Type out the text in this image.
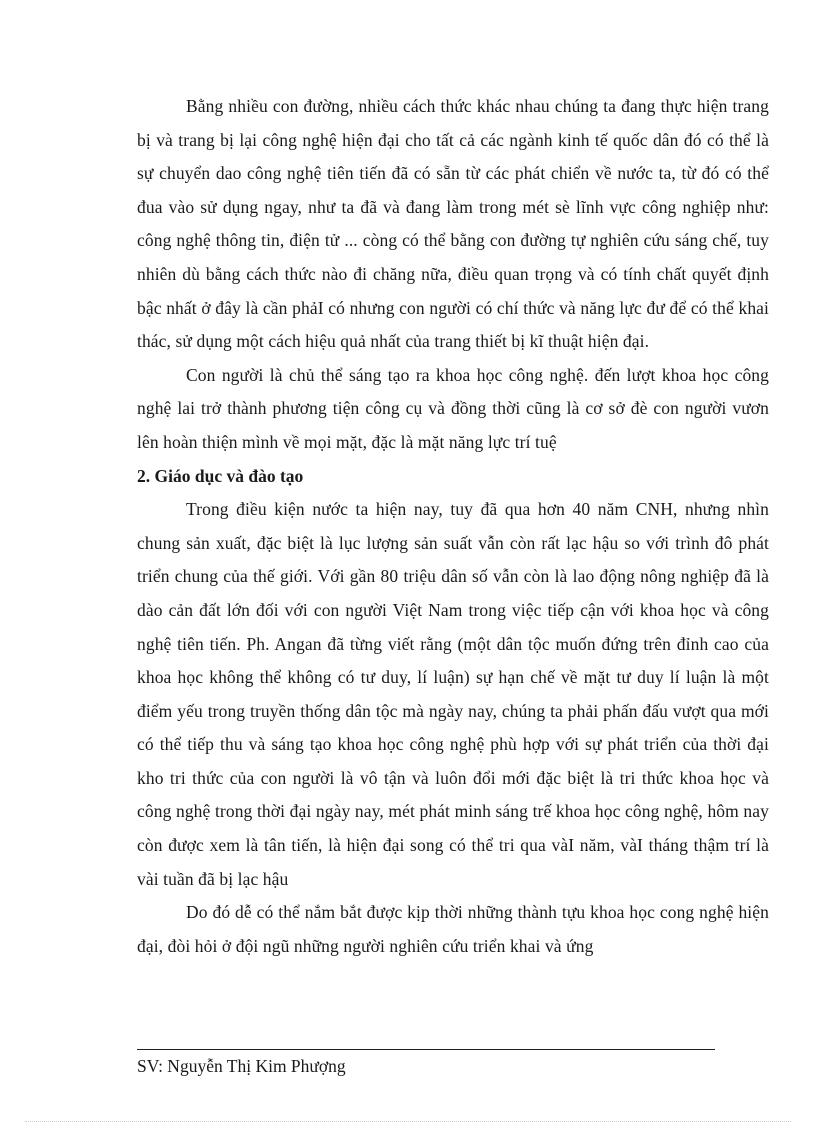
Bằng nhiều con đường, nhiều cách thức khác nhau chúng ta đang thực hiện trang bị và trang bị lại công nghệ hiện đại cho tất cả các ngành kinh tế quốc dân đó có thể là sự chuyển dao công nghệ tiên tiến đã có sẵn từ các phát chiển về nước ta, từ đó có thể đua vào sử dụng ngay, như ta đã và đang làm trong mét sè lĩnh vực công nghiệp như: công nghệ thông tin, điện tử ... còng có thể bằng con đường tự nghiên cứu sáng chế, tuy nhiên dù bằng cách thức nào đi chăng nữa, điều quan trọng và có tính chất quyết định bậc nhất ở đây là cần phảI có nhưng con người có chí thức và năng lực đư để có thể khai thác, sử dụng một cách hiệu quả nhất của trang thiết bị kĩ thuật hiện đại.

Con người là chủ thể sáng tạo ra khoa học công nghệ. đến lượt khoa học công nghệ lai trở thành phương tiện công cụ và đồng thời cũng là cơ sở đè con người vươn lên hoàn thiện mình về mọi mặt, đặc là mặt năng lực trí tuệ

2. Giáo dục và đào tạo

Trong điều kiện nước ta hiện nay, tuy đã qua hơn 40 năm CNH, nhưng nhìn chung sản xuất, đặc biệt là lục lượng sản suất vẫn còn rất lạc hậu so với trình đô phát triển chung của thế giới. Với gần 80 triệu dân số vẫn còn là lao động nông nghiệp đã là dào cản đất lớn đối với con người Việt Nam trong việc tiếp cận với khoa học và công nghệ tiên tiến. Ph. Angan đã từng viết rằng (một dân tộc muốn đứng trên đỉnh cao của khoa học không thể không có tư duy, lí luận) sự hạn chế về mặt tư duy lí luận là một điểm yếu trong truyền thống dân tộc mà ngày nay, chúng ta phải phấn đấu vượt qua mới có thể tiếp thu và sáng tạo khoa học công nghệ phù hợp với sự phát triển của thời đại kho tri thức của con người là vô tận và luôn đổi mới đặc biệt là tri thức khoa học và công nghệ trong thời đại ngày nay, mét phát minh sáng trế khoa học công nghệ, hôm nay còn được xem là tân tiến, là hiện đại song có thể tri qua vàI năm, vàI tháng thậm trí là vài tuần đã bị lạc hậu

Do đó dễ có thể nắm bắt được kịp thời những thành tựu khoa học cong nghệ hiện đại, đòi hỏi ở đội ngũ những người nghiên cứu triển khai và ứng

SV: Nguyễn Thị Kim Phượng
